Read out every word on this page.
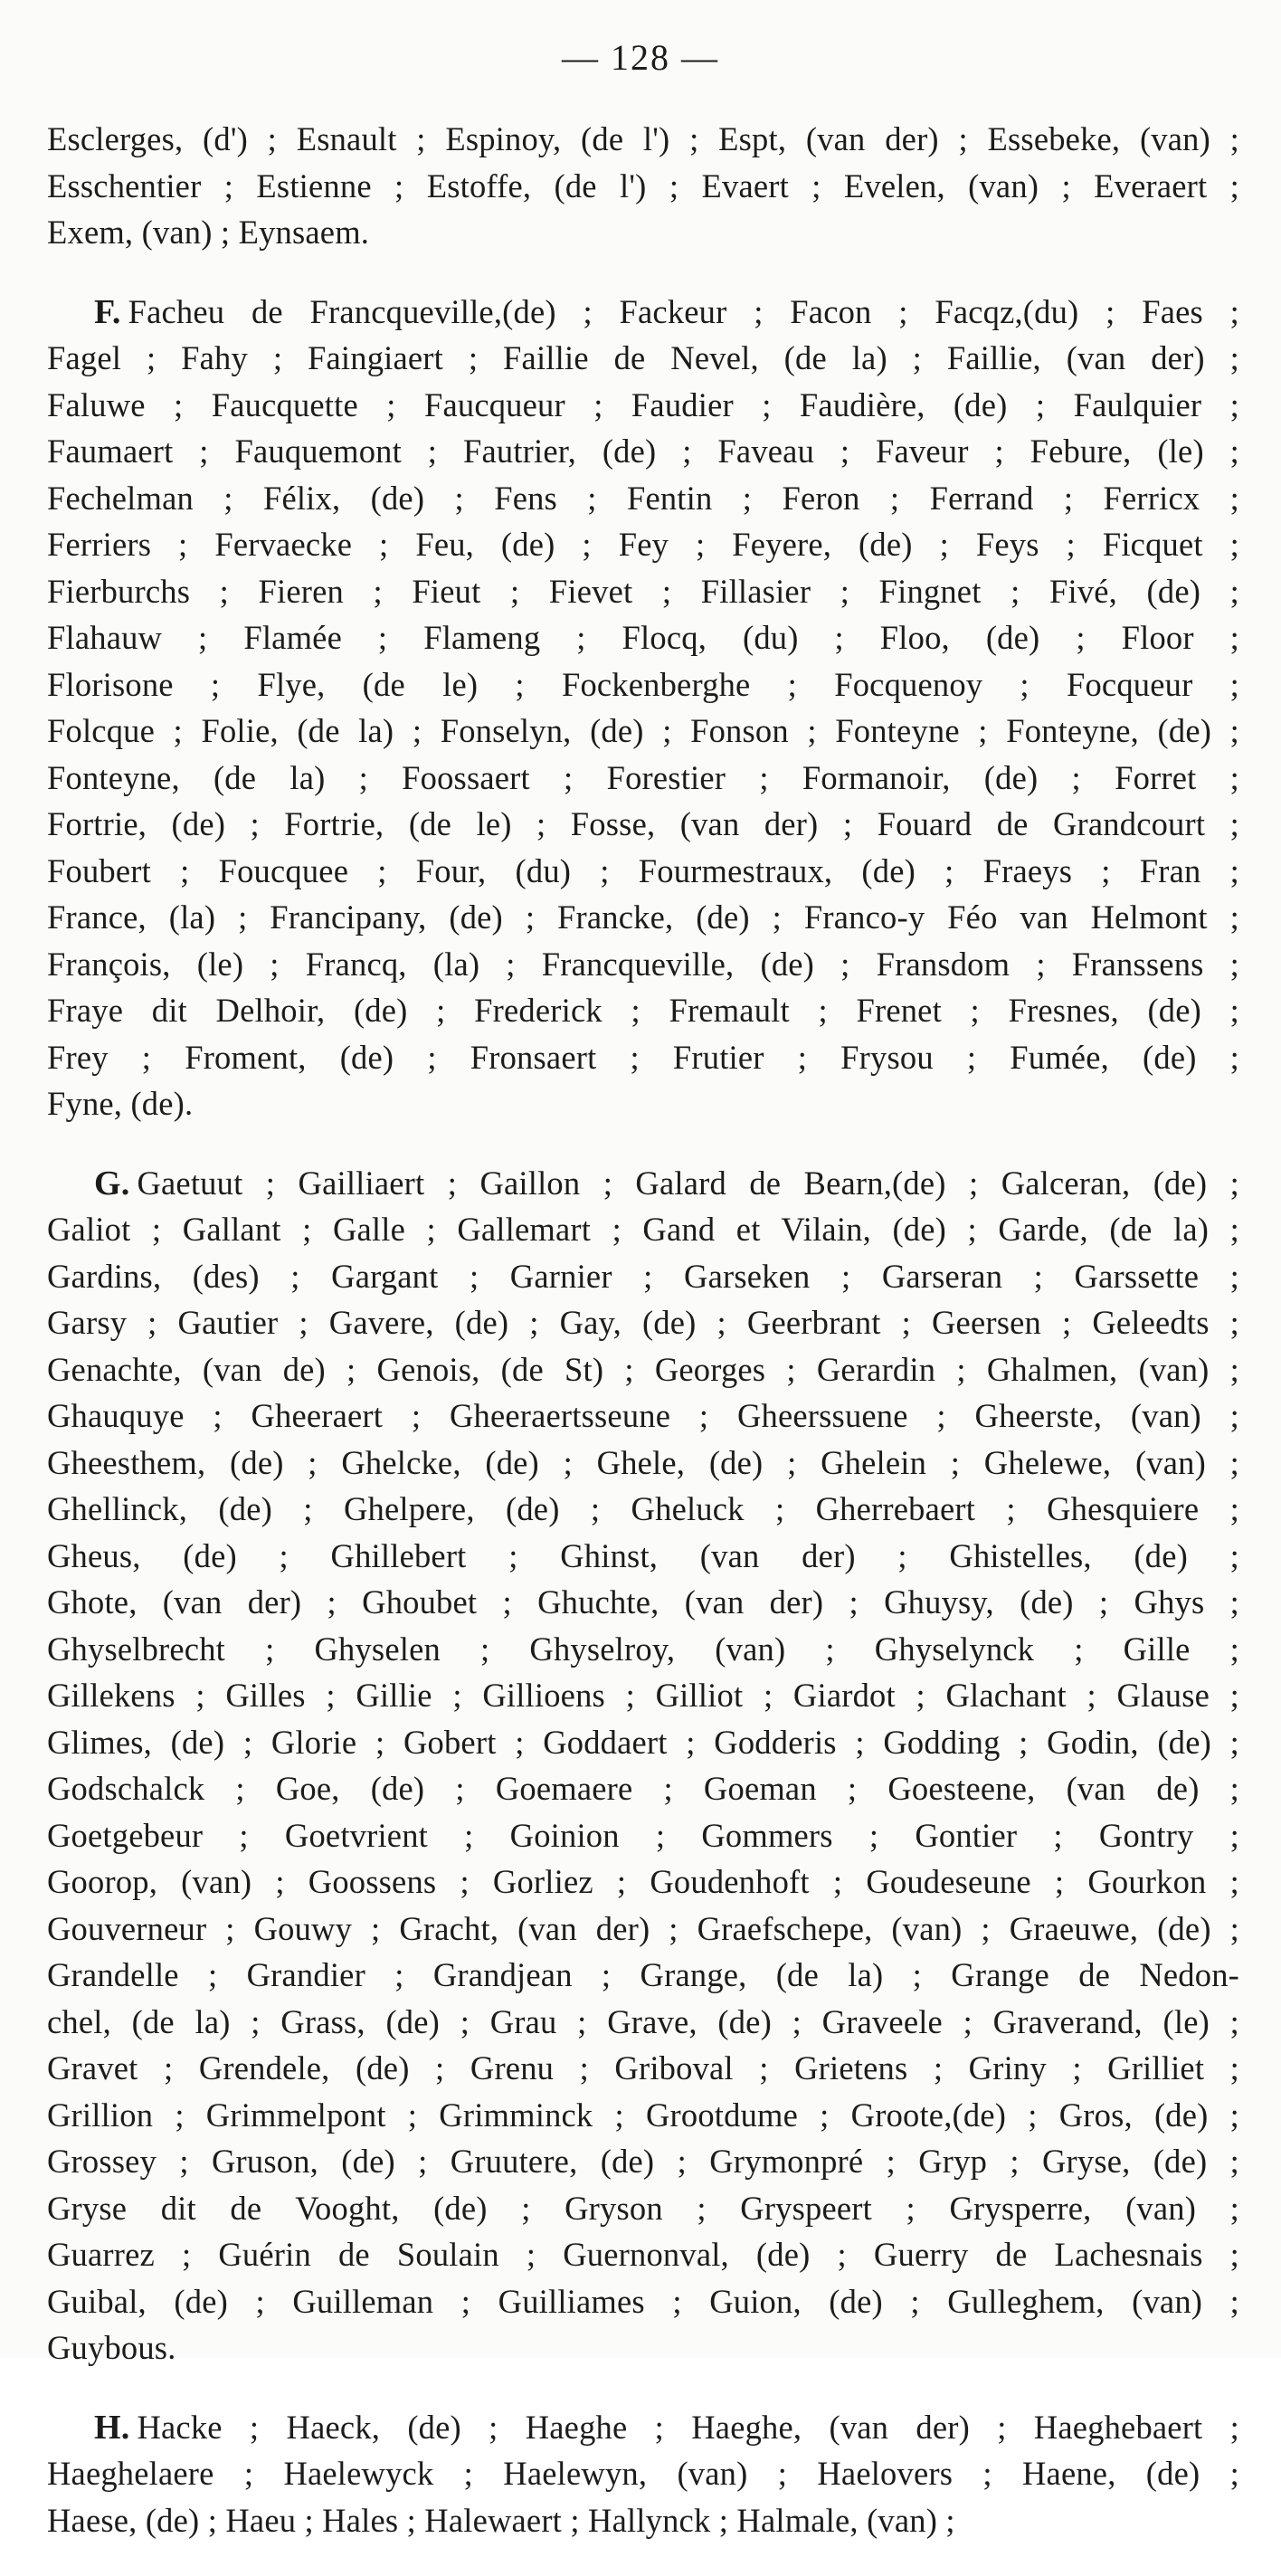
— 128 —
Esclerges, (d') ; Esnault ; Espinoy, (de l') ; Espt, (van der) ; Essebeke, (van) ;
Esschentier ; Estienne ; Estoffe, (de l') ; Evaert ; Evelen, (van) ; Everaert ;
Exem, (van) ; Eynsaem.
F. Facheu de Francqueville,(de) ; Fackeur ; Facon ; Facqz,(du) ; Faes ;
Fagel ; Fahy ; Faingiaert ; Faillie de Nevel, (de la) ; Faillie, (van der) ;
Faluwe ; Faucquette ; Faucqueur ; Faudier ; Faudière, (de) ; Faulquier ;
Faumaert ; Fauquemont ; Fautrier, (de) ; Faveau ; Faveur ; Febure, (le) ;
Fechelman ; Félix, (de) ; Fens ; Fentin ; Feron ; Ferrand ; Ferricx ;
Ferriers ; Fervaecke ; Feu, (de) ; Fey ; Feyere, (de) ; Feys ; Ficquet ;
Fierburchs ; Fieren ; Fieut ; Fievet ; Fillasier ; Fingnet ; Fivé, (de) ;
Flahauw ; Flamée ; Flameng ; Flocq, (du) ; Floo, (de) ; Floor ;
Florisone ; Flye, (de le) ; Fockenberghe ; Focquenoy ; Focqueur ;
Folcque ; Folie, (de la) ; Fonselyn, (de) ; Fonson ; Fonteyne ; Fonteyne, (de) ;
Fonteyne, (de la) ; Foossaert ; Forestier ; Formanoir, (de) ; Forret ;
Fortrie, (de) ; Fortrie, (de le) ; Fosse, (van der) ; Fouard de Grandcourt ;
Foubert ; Foucquee ; Four, (du) ; Fourmestraux, (de) ; Fraeys ; Fran ;
France, (la) ; Francipany, (de) ; Francke, (de) ; Franco-y Féo van Helmont ;
François, (le) ; Francq, (la) ; Francqueville, (de) ; Fransdom ; Franssens ;
Fraye dit Delhoir, (de) ; Frederick ; Fremault ; Frenet ; Fresnes, (de) ;
Frey ; Froment, (de) ; Fronsaert ; Frutier ; Frysou ; Fumée, (de) ;
Fyne, (de).
G. Gaetuut ; Gailliaert ; Gaillon ; Galard de Bearn,(de) ; Galceran, (de) ;
Galiot ; Gallant ; Galle ; Gallemart ; Gand et Vilain, (de) ; Garde, (de la) ;
Gardins, (des) ; Gargant ; Garnier ; Garseken ; Garseran ; Garssette ;
Garsy ; Gautier ; Gavere, (de) ; Gay, (de) ; Geerbrant ; Geersen ; Geleedts ;
Genachte, (van de) ; Genois, (de St) ; Georges ; Gerardin ; Ghalmen, (van) ;
Ghauquye ; Gheeraert ; Gheeraertsseune ; Gheerssuene ; Gheerste, (van) ;
Gheesthem, (de) ; Ghelcke, (de) ; Ghele, (de) ; Ghelein ; Ghelewe, (van) ;
Ghellinck, (de) ; Ghelpere, (de) ; Gheluck ; Gherrebaert ; Ghesquiere ;
Gheus, (de) ; Ghillebert ; Ghinst, (van der) ; Ghistelles, (de) ;
Ghote, (van der) ; Ghoubet ; Ghuchte, (van der) ; Ghuysy, (de) ; Ghys ;
Ghyselbrecht ; Ghyselen ; Ghyselroy, (van) ; Ghyselynck ; Gille ;
Gillekens ; Gilles ; Gillie ; Gillioens ; Gilliot ; Giardot ; Glachant ; Glause ;
Glimes, (de) ; Glorie ; Gobert ; Goddaert ; Godderis ; Godding ; Godin, (de) ;
Godschalck ; Goe, (de) ; Goemaere ; Goeman ; Goesteene, (van de) ;
Goetgebeur ; Goetvrient ; Goinion ; Gommers ; Gontier ; Gontry ;
Goorop, (van) ; Goossens ; Gorliez ; Goudenhoft ; Goudeseune ; Gourkon ;
Gouverneur ; Gouwy ; Gracht, (van der) ; Graefschepe, (van) ; Graeuwe, (de) ;
Grandelle ; Grandier ; Grandjean ; Grange, (de la) ; Grange de Nedon-
chel, (de la) ; Grass, (de) ; Grau ; Grave, (de) ; Graveele ; Graverand, (le) ;
Gravet ; Grendele, (de) ; Grenu ; Griboval ; Grietens ; Griny ; Grilliet ;
Grillion ; Grimmelpont ; Grimminck ; Grootdume ; Groote,(de) ; Gros, (de) ;
Grossey ; Gruson, (de) ; Gruutere, (de) ; Grymonpré ; Gryp ; Gryse, (de) ;
Gryse dit de Vooght, (de) ; Gryson ; Gryspeert ; Grysperre, (van) ;
Guarrez ; Guérin de Soulain ; Guernonval, (de) ; Guerry de Lachesnais ;
Guibal, (de) ; Guilleman ; Guilliames ; Guion, (de) ; Gulleghem, (van) ;
Guybous.
H. Hacke ; Haeck, (de) ; Haeghe ; Haeghe, (van der) ; Haeghebaert ;
Haeghelaere ; Haelewyck ; Haelewyn, (van) ; Haelovers ; Haene, (de) ;
Haese, (de) ; Haeu ; Hales ; Halewaert ; Hallynck ; Halmale, (van) ;
